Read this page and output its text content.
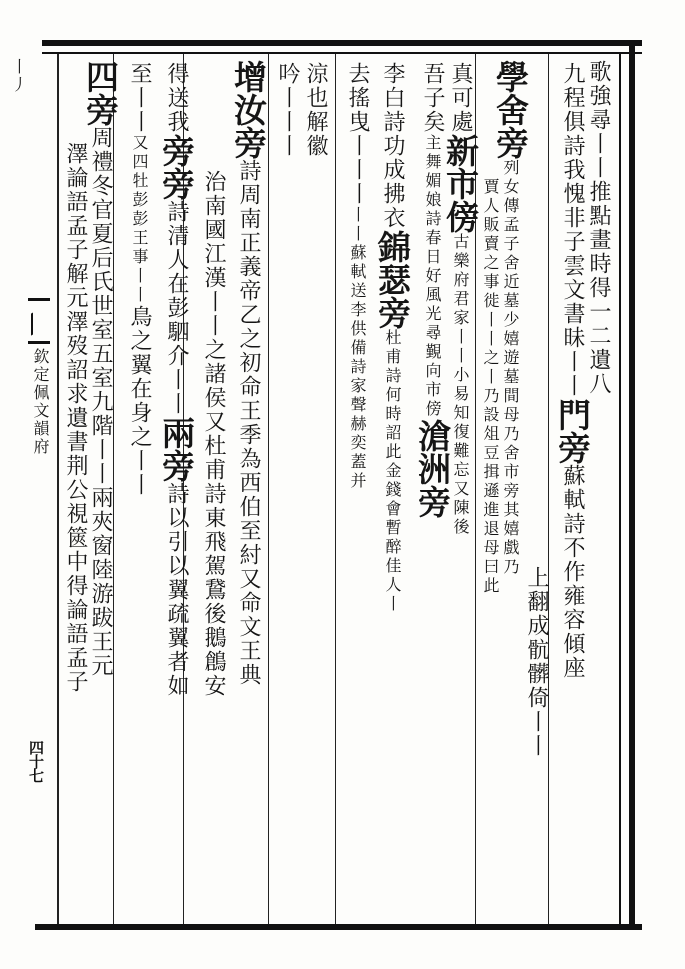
丨丿
欽定佩文韻府
四十七
歌強尋丨丨推點畫時得一二遺八
九程俱詩我愧非子雲文書昧丨丨門旁蘇軾詩不作雍容傾座
上翻成骯髒倚丨丨
學舍旁列女傳孟子舍近墓少嬉遊墓間母乃舍市旁其嬉戲乃
賈人販賣之事徙丨丨之丨乃設俎豆揖遜進退母曰此
真可處新市傍古樂府君家丨丨小易知復難忘又陳後
吾子矣主舞媚娘詩春日好風光尋覲向市傍滄洲旁
李白詩功成拂衣錦瑟旁杜甫詩何時詔此金錢會暫醉佳人丨
去搖曳丨丨丨丨丨蘇軾送李供備詩家聲赫奕蓋并
涼也解徽
吟丨丨丨
增汝旁詩周南正義帝乙之初命王季為西伯至紂又命文王典
治南國江漢丨丨之諸侯又杜甫詩東飛駕鵞後鵝鶬安
得送我旁旁詩清人在彭駟介丨丨兩旁詩以引以翼疏翼者如
至丨丨又四牡彭彭王事丨丨鳥之翼在身之丨丨
四旁周禮冬官夏后氏世室五室九階丨丨兩夾窗陸游跋王元
澤論語孟子解元澤歿詔求遺書荆公視篋中得論語孟子
